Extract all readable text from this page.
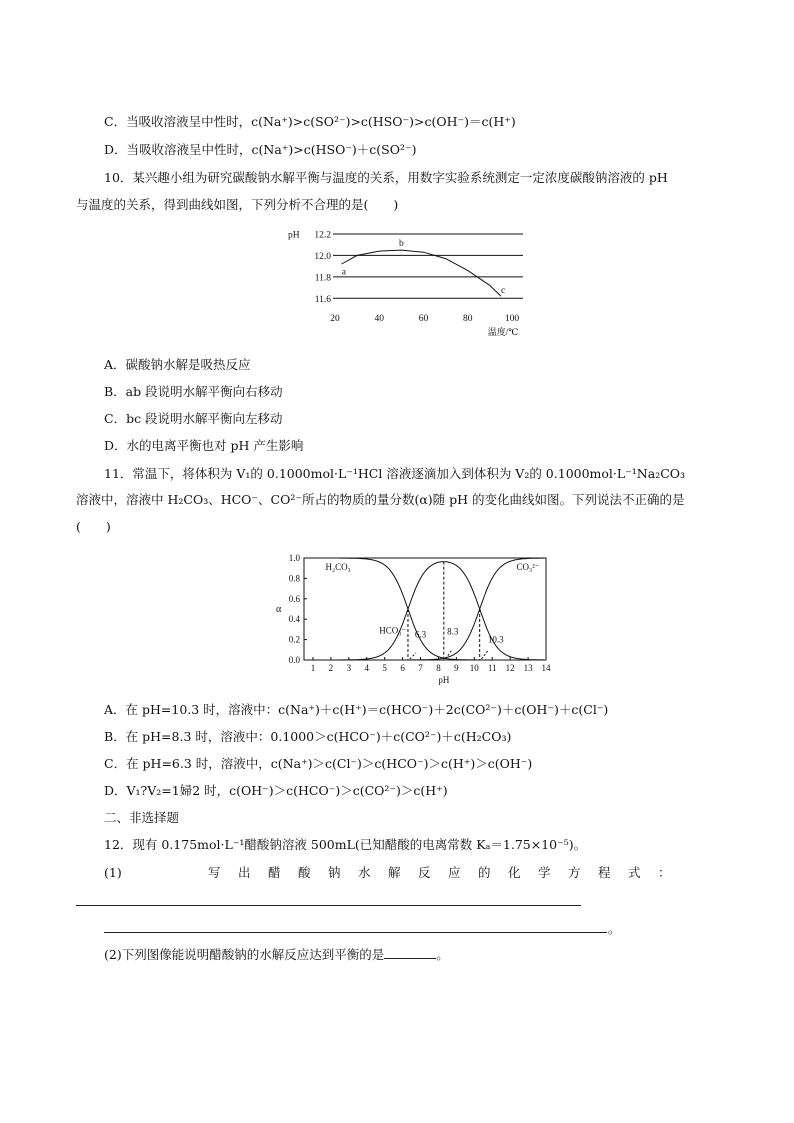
C．当吸收溶液呈中性时，c(Na⁺)>c(SO²⁻)>c(HSO⁻)>c(OH⁻)＝c(H⁺)
D．当吸收溶液呈中性时，c(Na⁺)>c(HSO⁻)＋c(SO²⁻)
10．某兴趣小组为研究碳酸钠水解平衡与温度的关系，用数字实验系统测定一定浓度碳酸钠溶液的 pH
与温度的关系，得到曲线如图，下列分析不合理的是(　　)
11.6
11.8
12.0
12.2
pH
20	40	60	80	100
温度/℃
a
b
c
A．碳酸钠水解是吸热反应
B．ab 段说明水解平衡向右移动
C．bc 段说明水解平衡向左移动
D．水的电离平衡也对 pH 产生影响
11．常温下，将体积为 V₁的 0.1000mol·L⁻¹HCl 溶液逐滴加入到体积为 V₂的 0.1000mol·L⁻¹Na₂CO₃
溶液中，溶液中 H₂CO₃、HCO⁻、CO²⁻所占的物质的量分数(α)随 pH 的变化曲线如图。下列说法不正确的是
(　　)
0.0
0.2
0.4
0.6
0.8
1.0
1 2 3 4 5 6 7 8 9 10 11 12 13 14
pH
α
H₂CO₃
HCO₃⁻
CO₃²⁻
6.3 8.3
10.3
A．在 pH=10.3 时，溶液中：c(Na⁺)＋c(H⁺)＝c(HCO⁻)＋2c(CO²⁻)＋c(OH⁻)＋c(Cl⁻)
B．在 pH=8.3 时，溶液中：0.1000＞c(HCO⁻)＋c(CO²⁻)＋c(H₂CO₃)
C．在 pH=6.3 时，溶液中，c(Na⁺)＞c(Cl⁻)＞c(HCO⁻)＞c(H⁺)＞c(OH⁻)
D．V₁?V₂=1婦2 时，c(OH⁻)＞c(HCO⁻)＞c(CO²⁻)＞c(H⁺)
二、非选择题
12．现有 0.175mol·L⁻¹醋酸钠溶液 500mL(已知醋酸的电离常数 Kₐ＝1.75×10⁻⁵)。
(1)	写出醋酸钠水解反应的化学方程式：
。
(2)下列图像能说明醋酸钠的水解反应达到平衡的是	。
